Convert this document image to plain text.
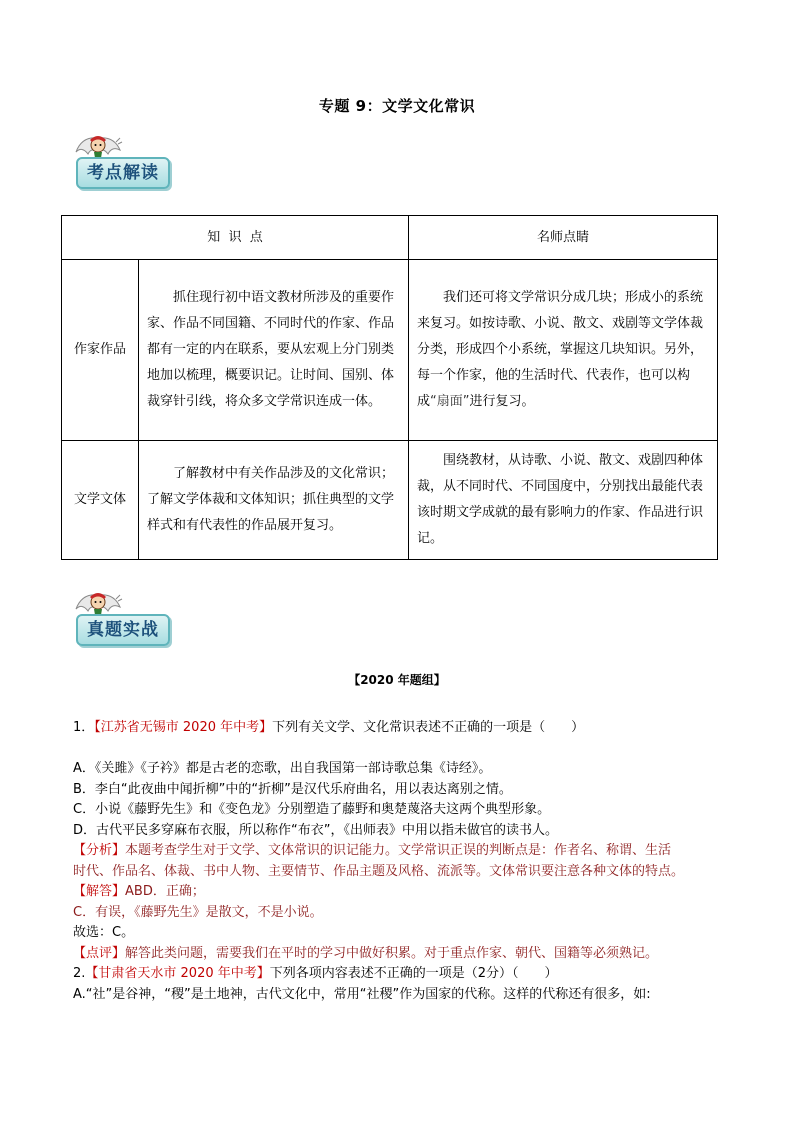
专题 9：文学文化常识
考点解读
知  识  点		名师点睛
作家作品	抓住现行初中语文教材所涉及的重要作家、作品不同国籍、不同时代的作家、作品都有一定的内在联系，要从宏观上分门别类地加以梳理，概要识记。让时间、国别、体裁穿针引线，将众多文学常识连成一体。	我们还可将文学常识分成几块；形成小的系统来复习。如按诗歌、小说、散文、戏剧等文学体裁分类，形成四个小系统，掌握这几块知识。另外，每一个作家，他的生活时代、代表作，也可以构成“扇面”进行复习。
文学文体	了解教材中有关作品涉及的文化常识；了解文学体裁和文体知识；抓住典型的文学样式和有代表性的作品展开复习。	围绕教材，从诗歌、小说、散文、戏剧四种体裁，从不同时代、不同国度中，分别找出最能代表该时期文学成就的最有影响力的作家、作品进行识记。
真题实战
【2020 年题组】

1．【江苏省无锡市 2020 年中考】下列有关文学、文化常识表述不正确的一项是（　　）

A．《关雎》《子衿》都是古老的恋歌，出自我国第一部诗歌总集《诗经》。

B．李白“此夜曲中闻折柳”中的“折柳”是汉代乐府曲名，用以表达离别之情。

C．小说《藤野先生》和《变色龙》分别塑造了藤野和奥楚蔑洛夫这两个典型形象。

D．古代平民多穿麻布衣服，所以称作“布衣”，《出师表》中用以指未做官的读书人。

【分析】本题考查学生对于文学、文体常识的识记能力。文学常识正误的判断点是：作者名、称谓、生活

时代、作品名、体裁、书中人物、主要情节、作品主题及风格、流派等。文体常识要注意各种文体的特点。

【解答】ABD．正确；

C．有误，《藤野先生》是散文，不是小说。

故选：C。

【点评】解答此类问题，需要我们在平时的学习中做好积累。对于重点作家、朝代、国籍等必须熟记。

2.【甘肃省天水市 2020 年中考】下列各项内容表述不正确的一项是（2分）（　　）

A.“社”是谷神，“稷”是土地神，古代文化中，常用“社稷”作为国家的代称。这样的代称还有很多，如:
